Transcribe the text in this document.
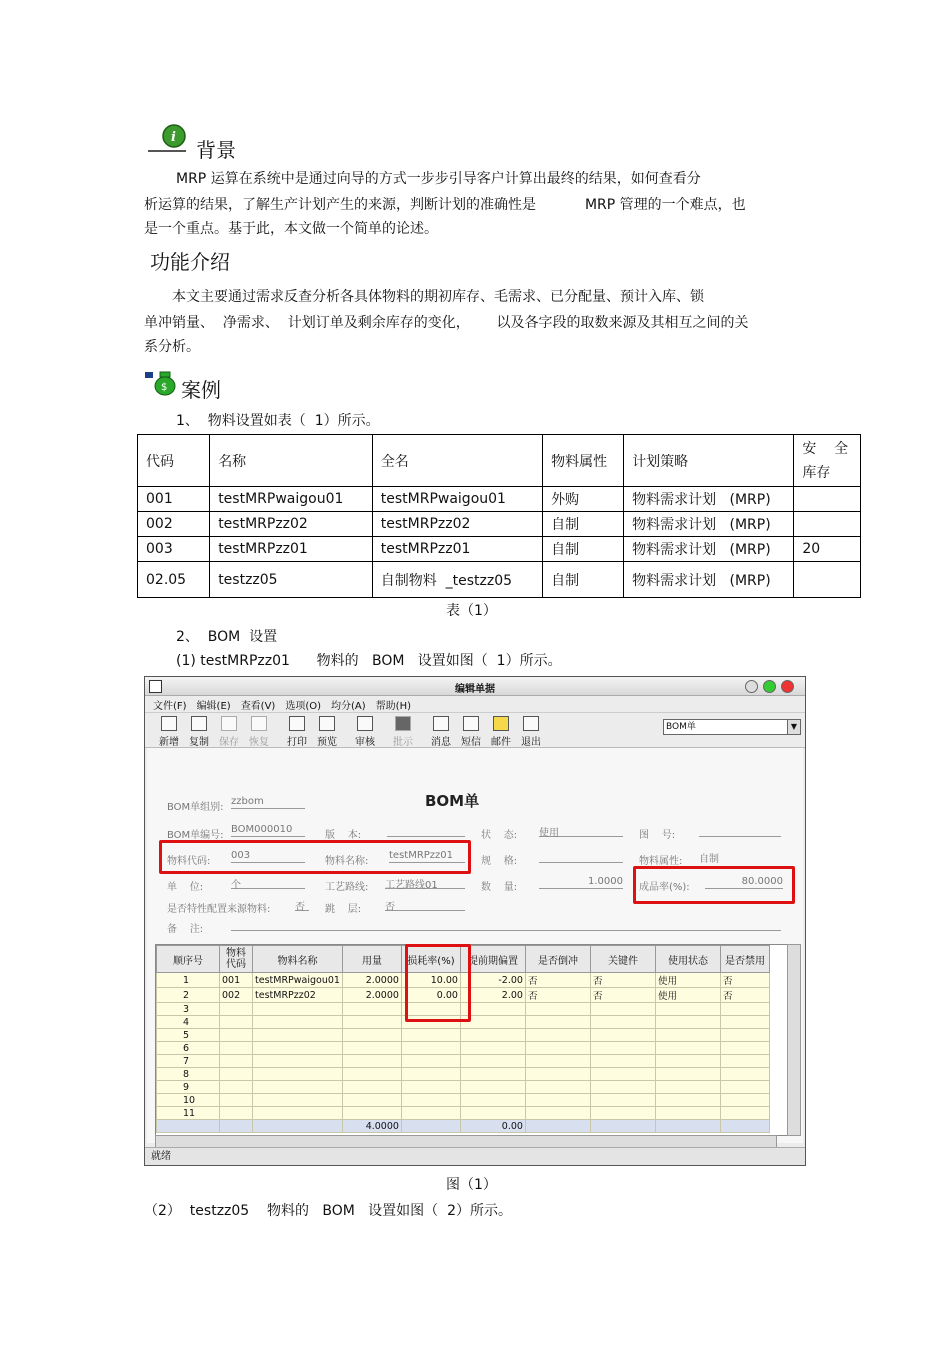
i
背景
MRP 运算在系统中是通过向导的方式一步步引导客户计算出最终的结果，如何查看分
析运算的结果，了解生产计划产生的来源，判断计划的准确性是           MRP 管理的一个难点，也
是一个重点。基于此，本文做一个简单的论述。
功能介绍
本文主要通过需求反查分析各具体物料的期初库存、毛需求、已分配量、预计入库、锁
单冲销量、  净需求、  计划订单及剩余库存的变化，      以及各字段的取数来源及其相互之间的关
系分析。
$ 案例
1、  物料设置如表（  1）所示。
代码	名称	全名	物料属性	计划策略	安    全
库存

001	testMRPwaigou01	testMRPwaigou01	外购	物料需求计划   (MRP)	
002	testMRPzz02	testMRPzz02	自制	物料需求计划   (MRP)	
003	testMRPzz01	testMRPzz01	自制	物料需求计划   (MRP)	20
02.05	testzz05	自制物料  _testzz05	自制	物料需求计划   (MRP)	
表（1）
2、  BOM  设置
(1) testMRPzz01      物料的   BOM   设置如图（  1）所示。
编辑单据
文件(F) 编辑(E) 查看(V) 选项(O) 均分(A) 帮助(H)
新增	复制	保存	恢复	打印	预览	审核	批示	消息	短信	邮件	退出
BOM单	▼
BOM单
BOM单组别:
zzbom
BOM单编号:
BOM000010
版    本:	状    态: 使用	图    号:
物料代码:
003
物料名称:
testMRPzz01
规    格:	物料属性: 自制
单    位:	个	工艺路线: 工艺路线01	数    量:
1.0000
成品率(%):
80.0000
是否特性配置来源物料: 否	跳    层: 否
备    注:
顺序号	物料代码	物料名称	用量	损耗率(%)	提前期偏置	是否倒冲	关键件	使用状态	是否禁用
1	001	testMRPwaigou01	2.0000	10.00	-2.00	否	否	使用	否
2	002	testMRPzz02	2.0000	0.00	2.00	否	否	使用	否
3									
4									
5									
6									
7									
8									
9									
10									
11									
			4.0000		0.00				
就绪
图（1）
（2）  testzz05    物料的   BOM   设置如图（  2）所示。
